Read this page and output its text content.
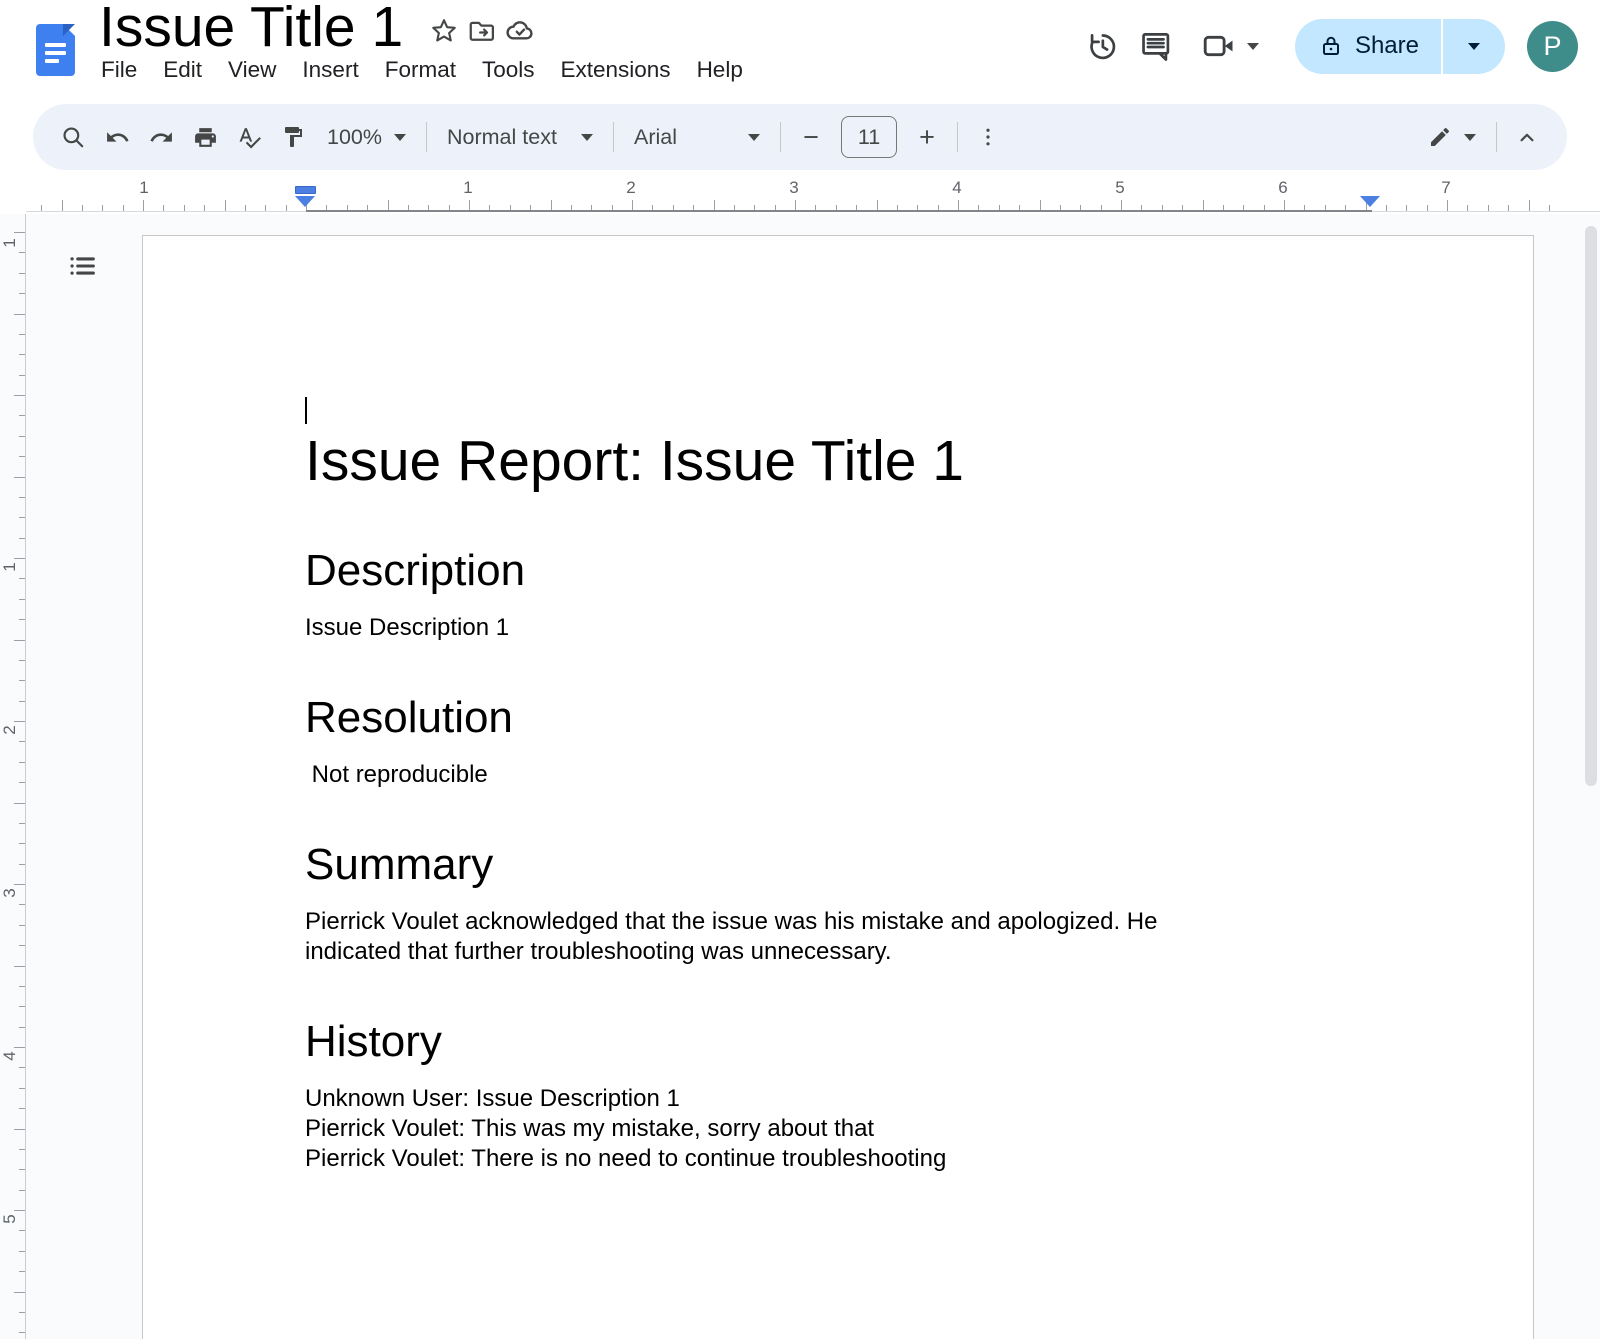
Issue Title 1
File	Edit	View	Insert	Format	Tools	Extensions	Help
Share	P
100%	Normal text	Arial	−	11	+
1	1	2	3	4	5	6	7
1
1
2
3
4
5
Issue Report: Issue Title 1
Description

Issue Description 1

Resolution

Not reproducible

Summary

Pierrick Voulet acknowledged that the issue was his mistake and apologized. He indicated that further troubleshooting was unnecessary.

History

Unknown User: Issue Description 1

Pierrick Voulet: This was my mistake, sorry about that

Pierrick Voulet: There is no need to continue troubleshooting
